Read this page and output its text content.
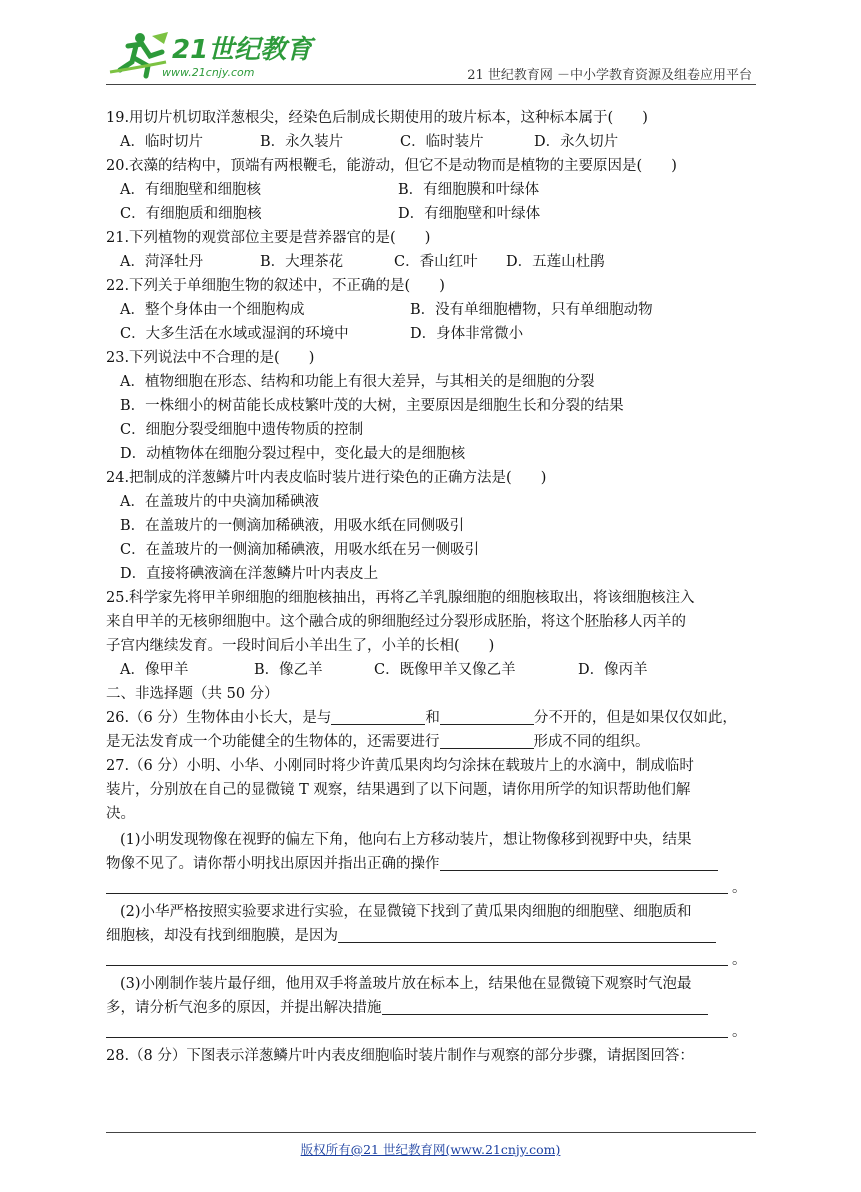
21世纪教育
www.21cnjy.com	21 世纪教育网 －中小学教育资源及组卷应用平台

19.用切片机切取洋葱根尖，经染色后制成长期使用的玻片标本，这种标本属于(　　)

A．临时切片	B．永久装片	C．临时装片	D．永久切片

20.衣藻的结构中，顶端有两根鞭毛，能游动，但它不是动物而是植物的主要原因是(　　)

A．有细胞壁和细胞核	B．有细胞膜和叶绿体
C．有细胞质和细胞核	D．有细胞壁和叶绿体

21.下列植物的观赏部位主要是营养器官的是(　　)

A．菏泽牡丹	B．大理茶花	C．香山红叶	D．五莲山杜鹃

22.下列关于单细胞生物的叙述中，不正确的是(　　)

A．整个身体由一个细胞构成	B．没有单细胞槽物，只有单细胞动物
C．大多生活在水域或湿润的环境中	D．身体非常微小

23.下列说法中不合理的是(　　)

A．植物细胞在形态、结构和功能上有很大差异，与其相关的是细胞的分裂

B．一株细小的树苗能长成枝繁叶茂的大树，主要原因是细胞生长和分裂的结果

C．细胞分裂受细胞中遗传物质的控制

D．动植物体在细胞分裂过程中，变化最大的是细胞核

24.把制成的洋葱鳞片叶内表皮临时装片进行染色的正确方法是(　　)

A．在盖玻片的中央滴加稀碘液

B．在盖玻片的一侧滴加稀碘液，用吸水纸在同侧吸引

C．在盖玻片的一侧滴加稀碘液，用吸水纸在另一侧吸引

D．直接将碘液滴在洋葱鳞片叶内表皮上

25.科学家先将甲羊卵细胞的细胞核抽出，再将乙羊乳腺细胞的细胞核取出，将该细胞核注入

来自甲羊的无核卵细胞中。这个融合成的卵细胞经过分裂形成胚胎，将这个胚胎移人丙羊的

子宫内继续发育。一段时间后小羊出生了，小羊的长相(　　)

A．像甲羊	B．像乙羊	C．既像甲羊又像乙羊	D．像丙羊

二、非选择题（共 50 分）

26.（6 分）生物体由小长大，是与	和	分不开的，但是如果仅仅如此，

是无法发育成一个功能健全的生物体的，还需要进行	形成不同的组织。

27.（6 分）小明、小华、小刚同时将少许黄瓜果肉均匀涂抹在载玻片上的水滴中，制成临时

装片，分别放在自己的显微镜 T 观察，结果遇到了以下问题，请你用所学的知识帮助他们解

决。

(1)小明发现物像在视野的偏左下角，他向右上方移动装片，想让物像移到视野中央，结果

物像不见了。请你帮小明找出原因并指出正确的操作

。

(2)小华严格按照实验要求进行实验，在显微镜下找到了黄瓜果肉细胞的细胞壁、细胞质和

细胞核，却没有找到细胞膜，是因为

。

(3)小刚制作装片最仔细，他用双手将盖玻片放在标本上，结果他在显微镜下观察时气泡最

多，请分析气泡多的原因，并提出解决措施

。

28.（8 分）下图表示洋葱鳞片叶内表皮细胞临时装片制作与观察的部分步骤，请据图回答：

版权所有@21 世纪教育网(www.21cnjy.com)
